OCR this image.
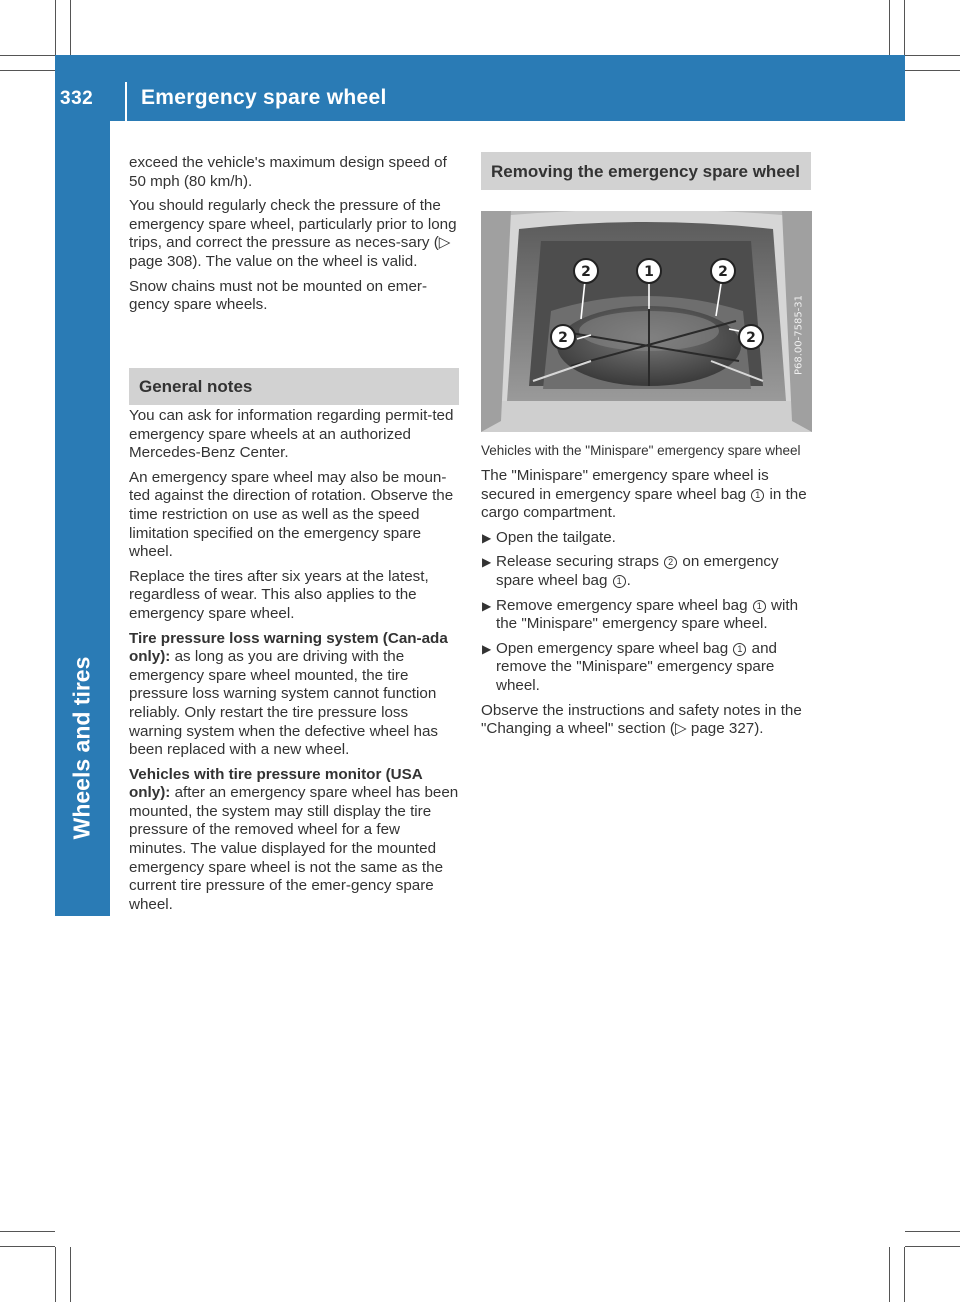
332	Emergency spare wheel
Wheels and tires

exceed the vehicle's maximum design speed of 50 mph (80 km/h).

You should regularly check the pressure of the emergency spare wheel, particularly prior to long trips, and correct the pressure as neces-sary (▷ page 308). The value on the wheel is valid.

Snow chains must not be mounted on emer-gency spare wheels.

General notes

You can ask for information regarding permit-ted emergency spare wheels at an authorized Mercedes-Benz Center.

An emergency spare wheel may also be moun-ted against the direction of rotation. Observe the time restriction on use as well as the speed limitation specified on the emergency spare wheel.

Replace the tires after six years at the latest, regardless of wear. This also applies to the emergency spare wheel.

Tire pressure loss warning system (Can-ada only): as long as you are driving with the emergency spare wheel mounted, the tire pressure loss warning system cannot function reliably. Only restart the tire pressure loss warning system when the defective wheel has been replaced with a new wheel.

Vehicles with tire pressure monitor (USA only): after an emergency spare wheel has been mounted, the system may still display the tire pressure of the removed wheel for a few minutes. The value displayed for the mounted emergency spare wheel is not the same as the current tire pressure of the emer-gency spare wheel.

Removing the emergency spare wheel
2	1	2
2	2	P68.00-7585-31
Vehicles with the "Minispare" emergency spare wheel

The "Minispare" emergency spare wheel is secured in emergency spare wheel bag 1 in the cargo compartment.

▶ Open the tailgate.

▶ Release securing straps 2 on emergency spare wheel bag 1 .

▶ Remove emergency spare wheel bag 1 with the "Minispare" emergency spare wheel.

▶ Open emergency spare wheel bag 1 and remove the "Minispare" emergency spare wheel.

Observe the instructions and safety notes in the "Changing a wheel" section (▷ page 327).
